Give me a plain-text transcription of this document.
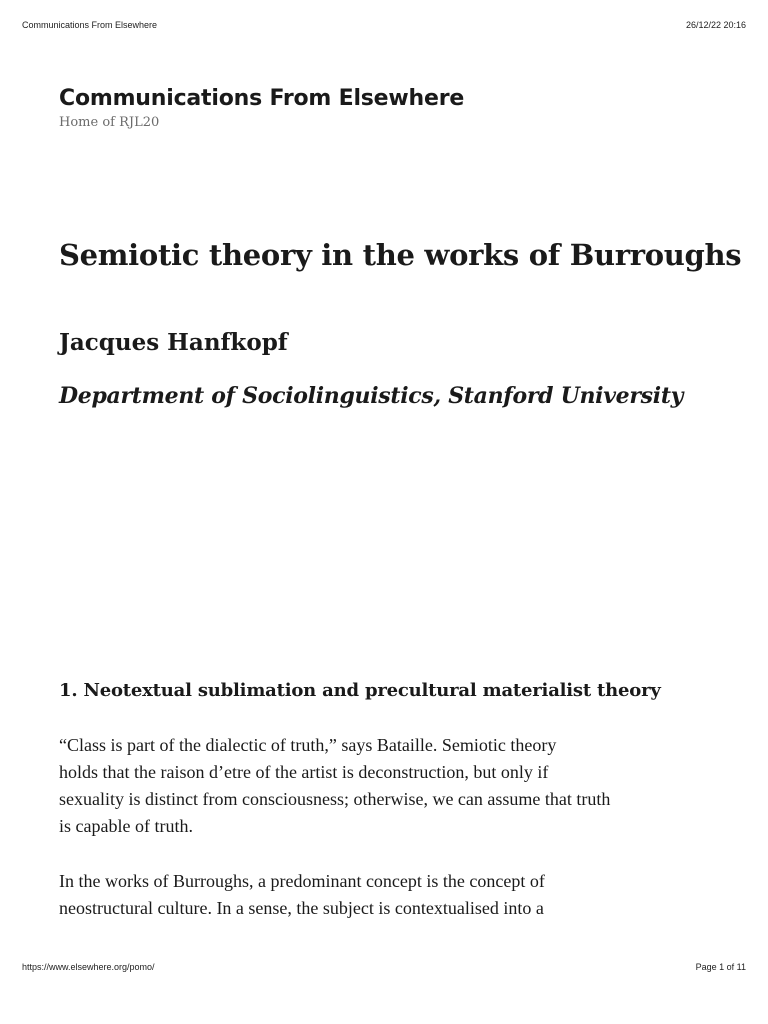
Communications From Elsewhere	26/12/22 20:16
Communications From Elsewhere
Home of RJL20
Semiotic theory in the works of Burroughs
Jacques Hanfkopf
Department of Sociolinguistics, Stanford University
1. Neotextual sublimation and precultural materialist theory

“Class is part of the dialectic of truth,” says Bataille. Semiotic theory
holds that the raison d’etre of the artist is deconstruction, but only if
sexuality is distinct from consciousness; otherwise, we can assume that truth
is capable of truth.

In the works of Burroughs, a predominant concept is the concept of
neostructural culture. In a sense, the subject is contextualised into a

https://www.elsewhere.org/pomo/	Page 1 of 11
